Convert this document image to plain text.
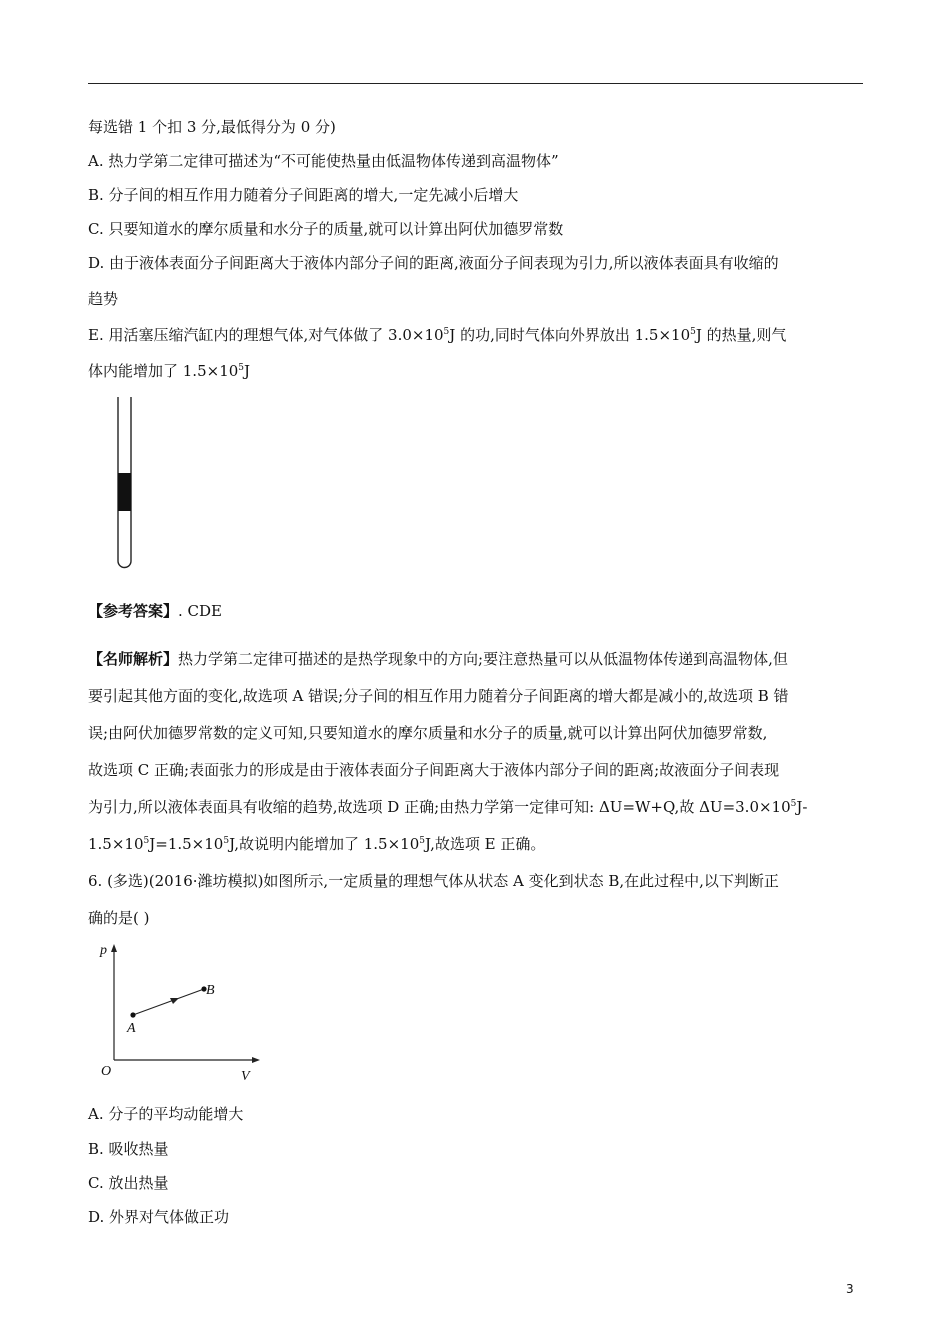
每选错 1 个扣 3 分,最低得分为 0 分)
A. 热力学第二定律可描述为“不可能使热量由低温物体传递到高温物体”
B. 分子间的相互作用力随着分子间距离的增大,一定先减小后增大
C. 只要知道水的摩尔质量和水分子的质量,就可以计算出阿伏加德罗常数
D. 由于液体表面分子间距离大于液体内部分子间的距离,液面分子间表现为引力,所以液体表面具有收缩的
趋势
E. 用活塞压缩汽缸内的理想气体,对气体做了 $3.0\times 10^5J$ 的功,同时气体向外界放出 $1.5\times 10^5J$ 的热量,则气
体内能增加了 $1.5\times 10^5J$
【参考答案】. CDE
【名师解析】热力学第二定律可描述的是热学现象中的方向;要注意热量可以从低温物体传递到高温物体,但
要引起其他方面的变化,故选项 A 错误;分子间的相互作用力随着分子间距离的增大都是减小的,故选项 B 错
误;由阿伏加德罗常数的定义可知,只要知道水的摩尔质量和水分子的质量,就可以计算出阿伏加德罗常数,
故选项 C 正确;表面张力的形成是由于液体表面分子间距离大于液体内部分子间的距离;故液面分子间表现
为引力,所以液体表面具有收缩的趋势,故选项 D 正确;由热力学第一定律可知: ΔU=W+Q,故 $\Delta U=3.0\times 10^5J-$
$1.5\times 10^5J=1.5\times 10^5J$,故说明内能增加了 $1.5\times 10^5J$,故选项 E 正确。
6. (多选)(2016·潍坊模拟)如图所示,一定质量的理想气体从状态 A 变化到状态 B,在此过程中,以下判断正
确的是( )
p
V
O
A
B
A. 分子的平均动能增大
B. 吸收热量
C. 放出热量
D. 外界对气体做正功
3
